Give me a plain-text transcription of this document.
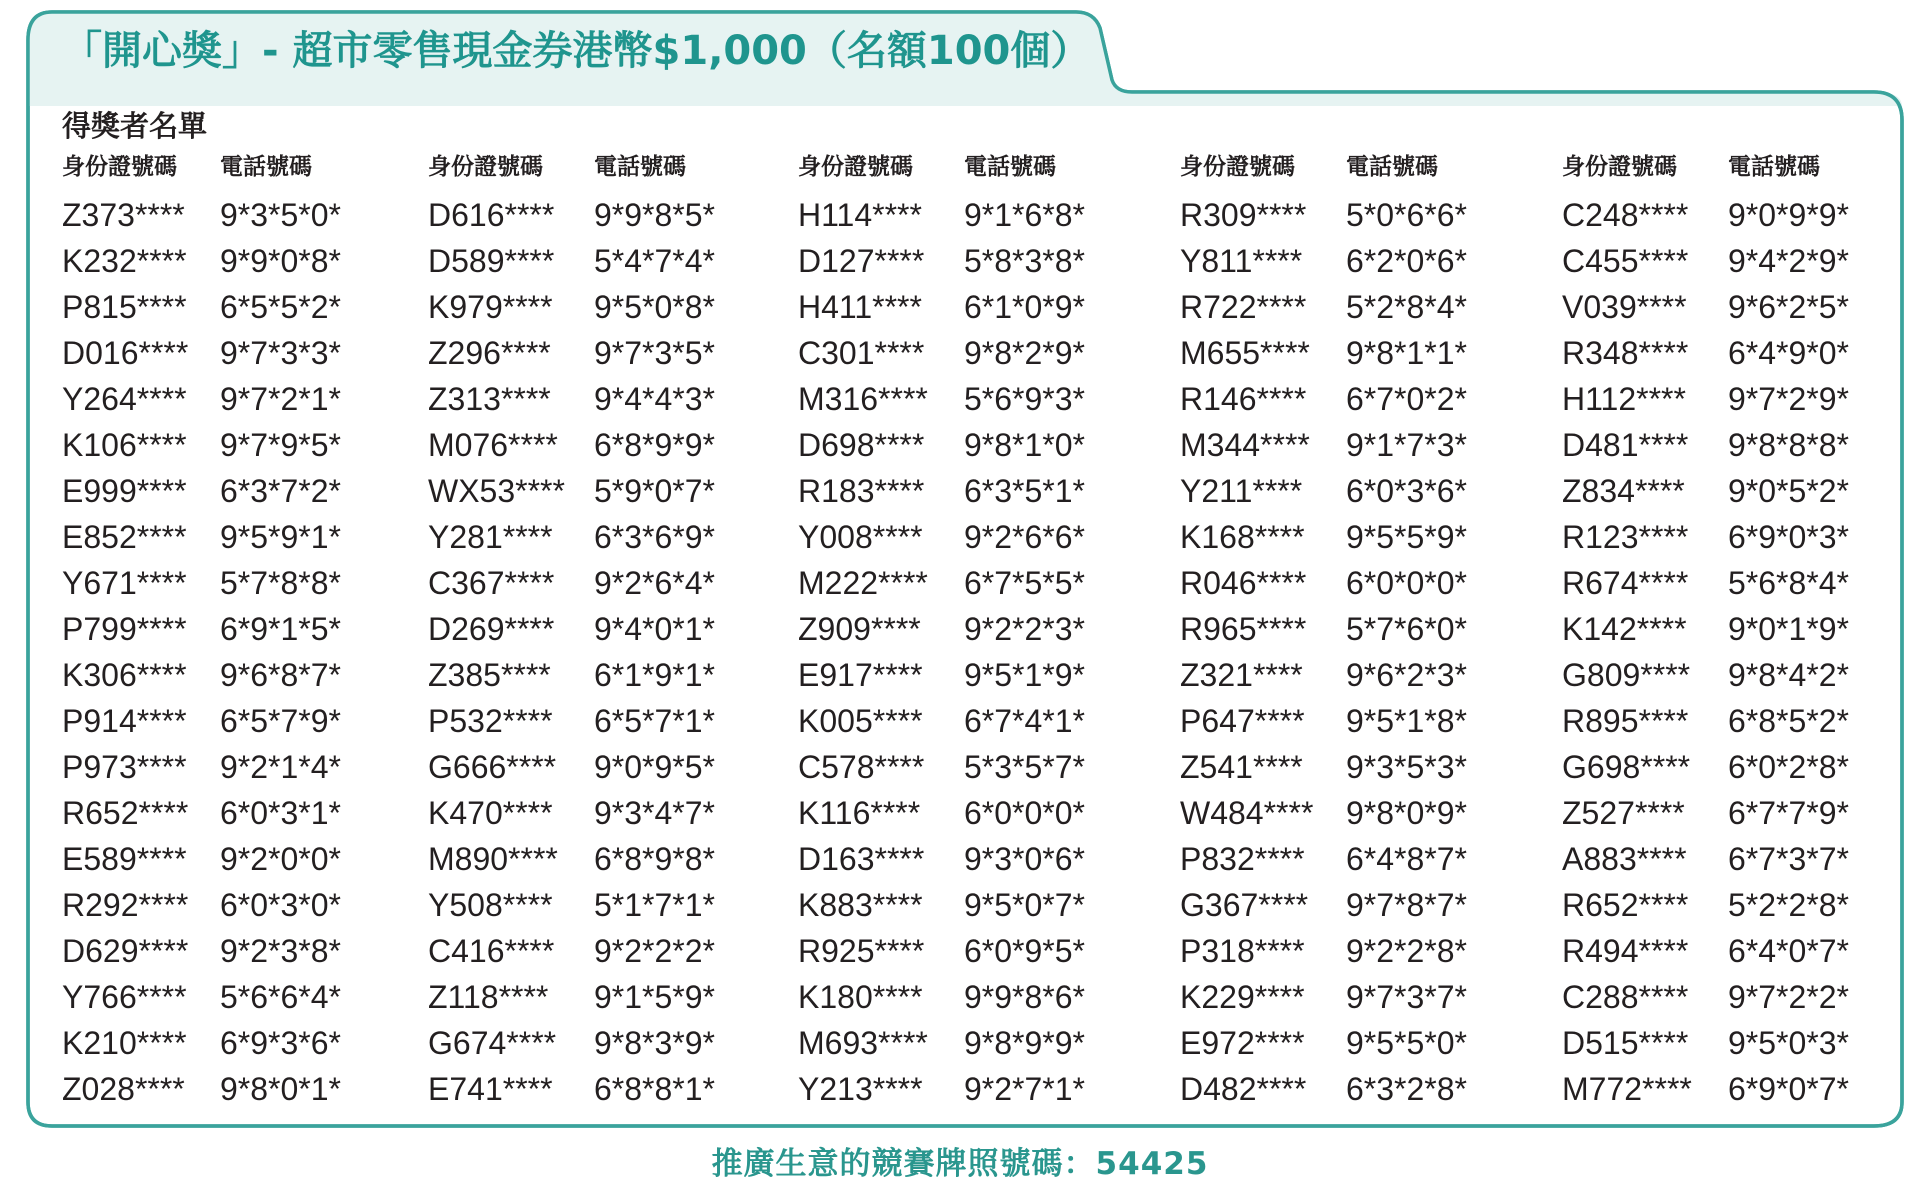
「開心獎」- 超市零售現金券港幣$1,000（名額100個）
得獎者名單
身份證號碼 電話號碼
Z373**** 9*3*5*0*
K232**** 9*9*0*8*
P815**** 6*5*5*2*
D016**** 9*7*3*3*
Y264**** 9*7*2*1*
K106**** 9*7*9*5*
E999**** 6*3*7*2*
E852**** 9*5*9*1*
Y671**** 5*7*8*8*
P799**** 6*9*1*5*
K306**** 9*6*8*7*
P914**** 6*5*7*9*
P973**** 9*2*1*4*
R652**** 6*0*3*1*
E589**** 9*2*0*0*
R292**** 6*0*3*0*
D629**** 9*2*3*8*
Y766**** 5*6*6*4*
K210**** 6*9*3*6*
Z028**** 9*8*0*1*
身份證號碼 電話號碼
D616**** 9*9*8*5*
D589**** 5*4*7*4*
K979**** 9*5*0*8*
Z296**** 9*7*3*5*
Z313**** 9*4*4*3*
M076**** 6*8*9*9*
WX53**** 5*9*0*7*
Y281**** 6*3*6*9*
C367**** 9*2*6*4*
D269**** 9*4*0*1*
Z385**** 6*1*9*1*
P532**** 6*5*7*1*
G666**** 9*0*9*5*
K470**** 9*3*4*7*
M890**** 6*8*9*8*
Y508**** 5*1*7*1*
C416**** 9*2*2*2*
Z118**** 9*1*5*9*
G674**** 9*8*3*9*
E741**** 6*8*8*1*
身份證號碼 電話號碼
H114**** 9*1*6*8*
D127**** 5*8*3*8*
H411**** 6*1*0*9*
C301**** 9*8*2*9*
M316**** 5*6*9*3*
D698**** 9*8*1*0*
R183**** 6*3*5*1*
Y008**** 9*2*6*6*
M222**** 6*7*5*5*
Z909**** 9*2*2*3*
E917**** 9*5*1*9*
K005**** 6*7*4*1*
C578**** 5*3*5*7*
K116**** 6*0*0*0*
D163**** 9*3*0*6*
K883**** 9*5*0*7*
R925**** 6*0*9*5*
K180**** 9*9*8*6*
M693**** 9*8*9*9*
Y213**** 9*2*7*1*
身份證號碼 電話號碼
R309**** 5*0*6*6*
Y811**** 6*2*0*6*
R722**** 5*2*8*4*
M655**** 9*8*1*1*
R146**** 6*7*0*2*
M344**** 9*1*7*3*
Y211**** 6*0*3*6*
K168**** 9*5*5*9*
R046**** 6*0*0*0*
R965**** 5*7*6*0*
Z321**** 9*6*2*3*
P647**** 9*5*1*8*
Z541**** 9*3*5*3*
W484**** 9*8*0*9*
P832**** 6*4*8*7*
G367**** 9*7*8*7*
P318**** 9*2*2*8*
K229**** 9*7*3*7*
E972**** 9*5*5*0*
D482**** 6*3*2*8*
身份證號碼 電話號碼
C248**** 9*0*9*9*
C455**** 9*4*2*9*
V039**** 9*6*2*5*
R348**** 6*4*9*0*
H112**** 9*7*2*9*
D481**** 9*8*8*8*
Z834**** 9*0*5*2*
R123**** 6*9*0*3*
R674**** 5*6*8*4*
K142**** 9*0*1*9*
G809**** 9*8*4*2*
R895**** 6*8*5*2*
G698**** 6*0*2*8*
Z527**** 6*7*7*9*
A883**** 6*7*3*7*
R652**** 5*2*2*8*
R494**** 6*4*0*7*
C288**** 9*7*2*2*
D515**** 9*5*0*3*
M772**** 6*9*0*7*
推廣生意的競賽牌照號碼：54425
